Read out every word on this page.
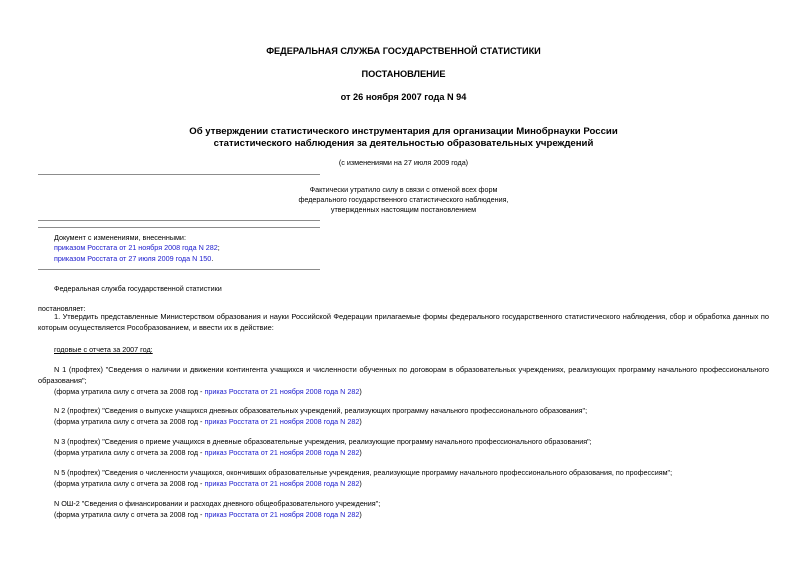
ФЕДЕРАЛЬНАЯ СЛУЖБА ГОСУДАРСТВЕННОЙ СТАТИСТИКИ
ПОСТАНОВЛЕНИЕ
от 26 ноября 2007 года N 94
Об утверждении статистического инструментария для организации Минобрнауки России
статистического наблюдения за деятельностью образовательных учреждений
(с изменениями на 27 июля 2009 года)
Фактически утратило силу в связи с отменой всех форм
федерального государственного статистического наблюдения,
утвержденных настоящим постановлением
Документ с изменениями, внесенными:
приказом Росстата от 21 ноября 2008 года N 282;
приказом Росстата от 27 июля 2009 года N 150.
Федеральная служба государственной статистики
постановляет:
1. Утвердить представленные Министерством образования и науки Российской Федерации прилагаемые формы федерального государственного статистического наблюдения, сбор и обработка данных по которым осуществляется Рособразованием, и ввести их в действие:
годовые с отчета за 2007 год:
N 1 (профтех) "Сведения о наличии и движении контингента учащихся и численности обученных по договорам в образовательных учреждениях, реализующих программу начального профессионального образования";
(форма утратила силу с отчета за 2008 год - приказ Росстата от 21 ноября 2008 года N 282)
N 2 (профтех) "Сведения о выпуске учащихся дневных образовательных учреждений, реализующих программу начального профессионального образования";
(форма утратила силу с отчета за 2008 год - приказ Росстата от 21 ноября 2008 года N 282)
N 3 (профтех) "Сведения о приеме учащихся в дневные образовательные учреждения, реализующие программу начального профессионального образования";
(форма утратила силу с отчета за 2008 год - приказ Росстата от 21 ноября 2008 года N 282)
N 5 (профтех) "Сведения о численности учащихся, окончивших образовательные учреждения, реализующие программу начального профессионального образования, по профессиям";
(форма утратила силу с отчета за 2008 год - приказ Росстата от 21 ноября 2008 года N 282)
N ОШ-2 "Сведения о финансировании и расходах дневного общеобразовательного учреждения";
(форма утратила силу с отчета за 2008 год - приказ Росстата от 21 ноября 2008 года N 282)
